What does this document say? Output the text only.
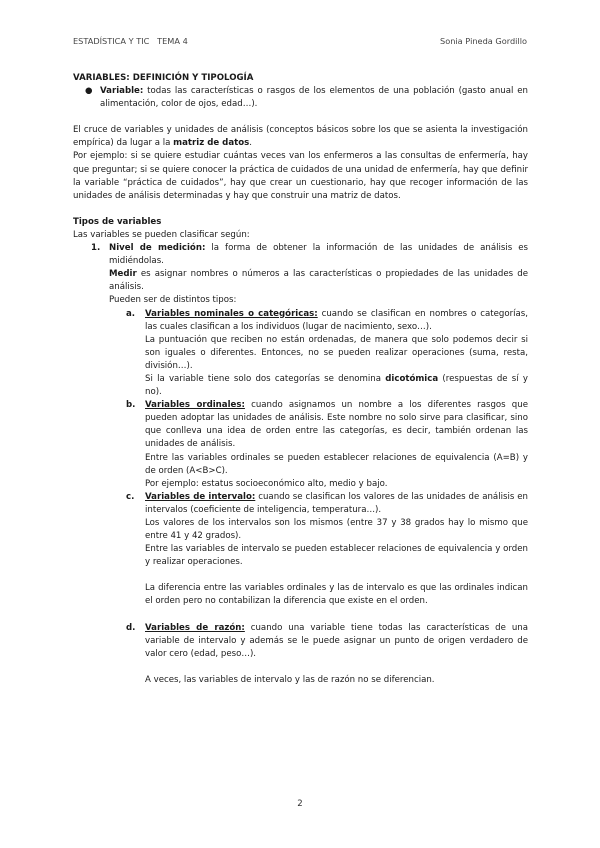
ESTADÍSTICA Y TIC   TEMA 4	Sonia Pineda Gordillo

VARIABLES: DEFINICIÓN Y TIPOLOGÍA

● Variable: todas las características o rasgos de los elementos de una población (gasto anual en alimentación, color de ojos, edad…).

El cruce de variables y unidades de análisis (conceptos básicos sobre los que se asienta la investigación empírica) da lugar a la matriz de datos.

Por ejemplo: si se quiere estudiar cuántas veces van los enfermeros a las consultas de enfermería, hay que preguntar; si se quiere conocer la práctica de cuidados de una unidad de enfermería, hay que definir la variable “práctica de cuidados”, hay que crear un cuestionario, hay que recoger información de las unidades de análisis determinadas y hay que construir una matriz de datos.

Tipos de variables

Las variables se pueden clasificar según:

1.	Nivel de medición: la forma de obtener la información de las unidades de análisis es midiéndolas.

Medir es asignar nombres o números a las características o propiedades de las unidades de análisis.

Pueden ser de distintos tipos:

a.	Variables nominales o categóricas: cuando se clasifican en nombres o categorías, las cuales clasifican a los individuos (lugar de nacimiento, sexo…).

La puntuación que reciben no están ordenadas, de manera que solo podemos decir si son iguales o diferentes. Entonces, no se pueden realizar operaciones (suma, resta, división…).

Si la variable tiene solo dos categorías se denomina dicotómica (respuestas de sí y no).

b.	Variables ordinales: cuando asignamos un nombre a los diferentes rasgos que pueden adoptar las unidades de análisis. Este nombre no solo sirve para clasificar, sino que conlleva una idea de orden entre las categorías, es decir, también ordenan las unidades de análisis.

Entre las variables ordinales se pueden establecer relaciones de equivalencia (A=B) y de orden (A<B>C).

Por ejemplo: estatus socioeconómico alto, medio y bajo.

c.	Variables de intervalo: cuando se clasifican los valores de las unidades de análisis en intervalos (coeficiente de inteligencia, temperatura…).

Los valores de los intervalos son los mismos (entre 37 y 38 grados hay lo mismo que entre 41 y 42 grados).

Entre las variables de intervalo se pueden establecer relaciones de equivalencia y orden y realizar operaciones.

La diferencia entre las variables ordinales y las de intervalo es que las ordinales indican el orden pero no contabilizan la diferencia que existe en el orden.

d.	Variables de razón: cuando una variable tiene todas las características de una variable de intervalo y además se le puede asignar un punto de origen verdadero de valor cero (edad, peso…).

A veces, las variables de intervalo y las de razón no se diferencian.

2
